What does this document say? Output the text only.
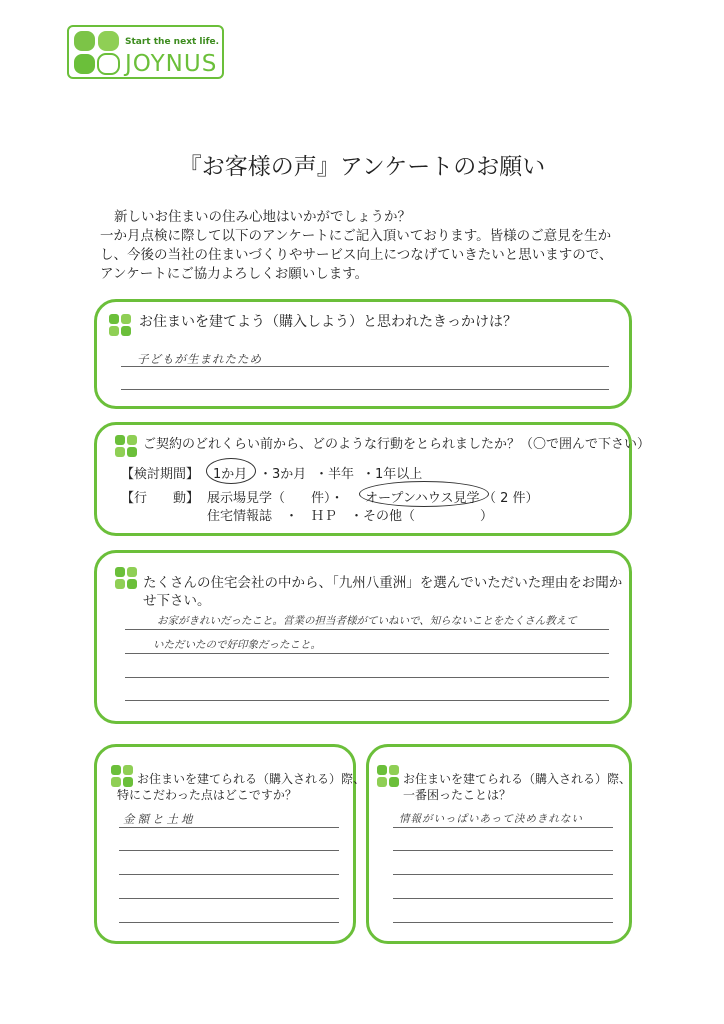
Start the next life.
JOYNUS
『お客様の声』アンケートのお願い
新しいお住まいの住み心地はいかがでしょうか？
一か月点検に際して以下のアンケートにご記入頂いております。皆様のご意見を生か
し、今後の当社の住まいづくりやサービス向上につなげていきたいと思いますので、
アンケートにご協力よろしくお願いします。
お住まいを建てよう（購入しよう）と思われたきっかけは？
子どもが生まれたため
ご契約のどれくらい前から、どのような行動をとられましたか？（〇で囲んで下さい）
【検討期間】 1か月 ・3か月 ・半年 ・1年以上
【行　　動】 展示場見学（　　件）・ オープンハウス見学 （ 2 件）
住宅情報誌　・　ＨＰ　・その他（　　　　　）
たくさんの住宅会社の中から、「九州八重洲」を選んでいただいた理由をお聞か
せ下さい。
お家がきれいだったこと。営業の担当者様がていねいで、知らないことをたくさん教えて
いただいたので好印象だったこと。
お住まいを建てられる（購入される）際、
特にこだわった点はどこですか？
金額と土地
お住まいを建てられる（購入される）際、
一番困ったことは？
情報がいっぱいあって決めきれない
